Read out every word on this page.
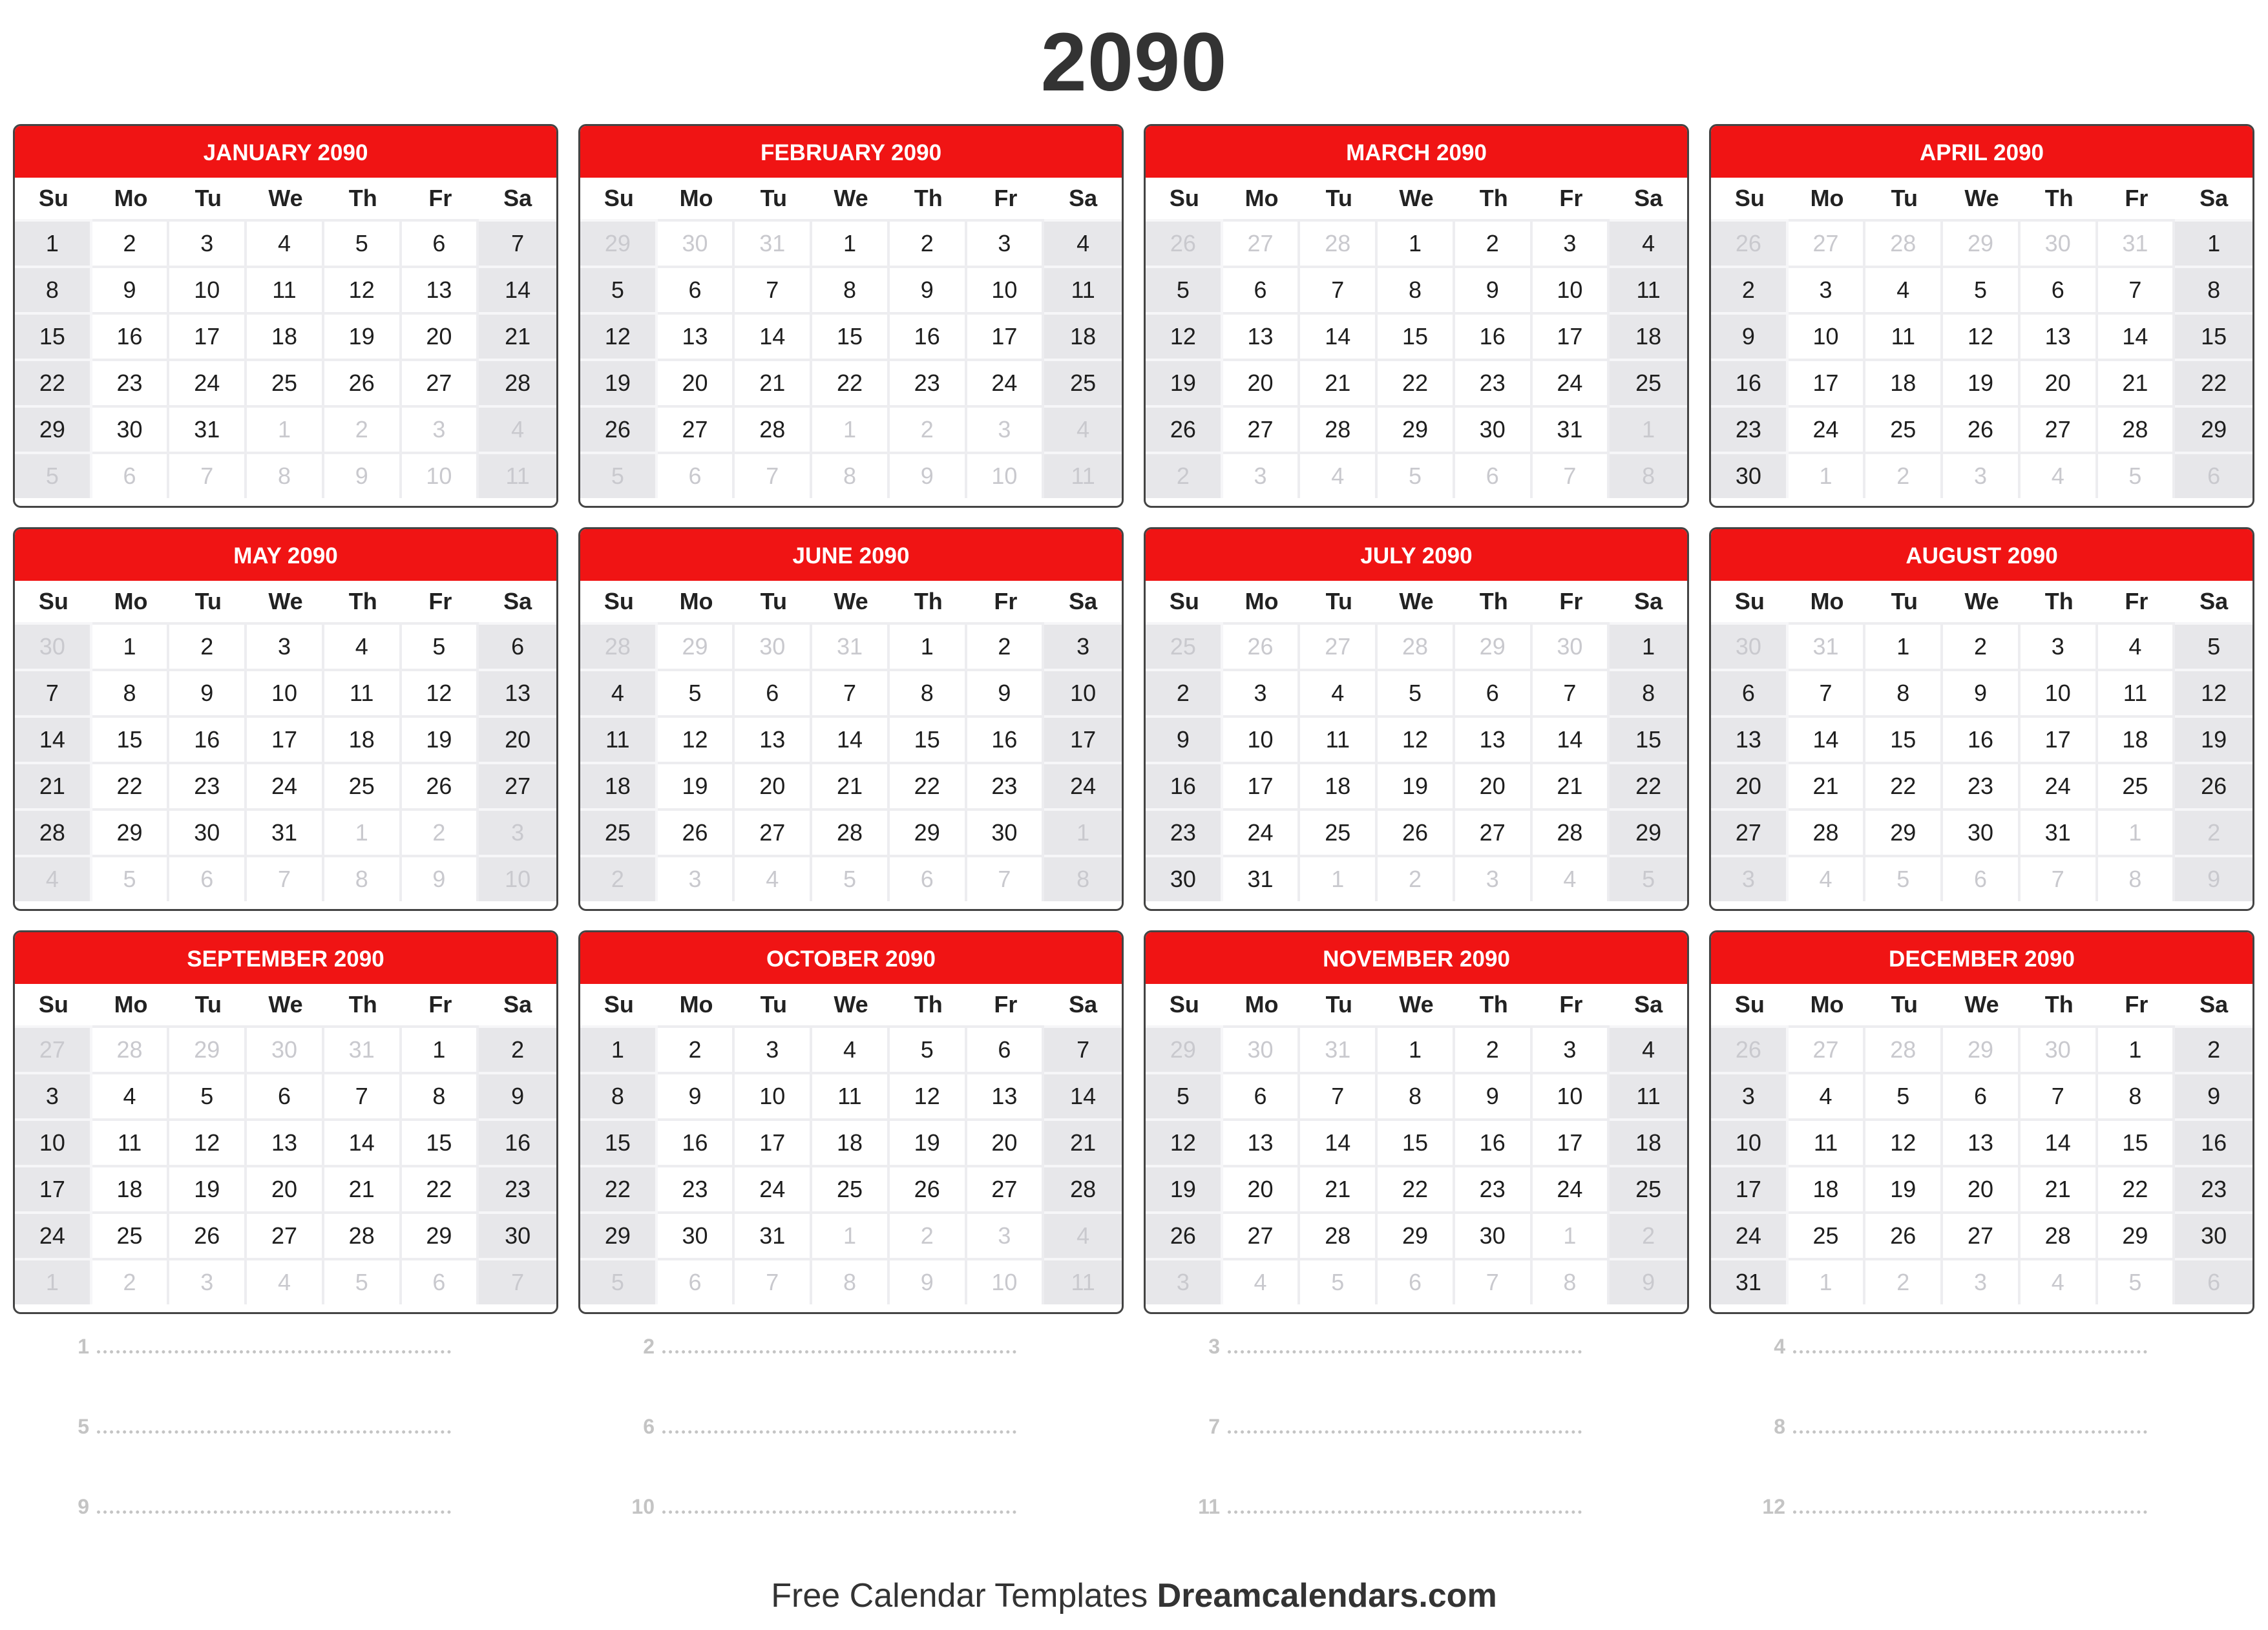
2090
JANUARY 2090
Su	Mo	Tu	We	Th	Fr	Sa
1	2	3	4	5	6	7
8	9	10	11	12	13	14
15	16	17	18	19	20	21
22	23	24	25	26	27	28
29	30	31	1	2	3	4
5	6	7	8	9	10	11
FEBRUARY 2090
Su	Mo	Tu	We	Th	Fr	Sa
29	30	31	1	2	3	4
5	6	7	8	9	10	11
12	13	14	15	16	17	18
19	20	21	22	23	24	25
26	27	28	1	2	3	4
5	6	7	8	9	10	11
MARCH 2090
Su	Mo	Tu	We	Th	Fr	Sa
26	27	28	1	2	3	4
5	6	7	8	9	10	11
12	13	14	15	16	17	18
19	20	21	22	23	24	25
26	27	28	29	30	31	1
2	3	4	5	6	7	8
APRIL 2090
Su	Mo	Tu	We	Th	Fr	Sa
26	27	28	29	30	31	1
2	3	4	5	6	7	8
9	10	11	12	13	14	15
16	17	18	19	20	21	22
23	24	25	26	27	28	29
30	1	2	3	4	5	6
MAY 2090
Su	Mo	Tu	We	Th	Fr	Sa
30	1	2	3	4	5	6
7	8	9	10	11	12	13
14	15	16	17	18	19	20
21	22	23	24	25	26	27
28	29	30	31	1	2	3
4	5	6	7	8	9	10
JUNE 2090
Su	Mo	Tu	We	Th	Fr	Sa
28	29	30	31	1	2	3
4	5	6	7	8	9	10
11	12	13	14	15	16	17
18	19	20	21	22	23	24
25	26	27	28	29	30	1
2	3	4	5	6	7	8
JULY 2090
Su	Mo	Tu	We	Th	Fr	Sa
25	26	27	28	29	30	1
2	3	4	5	6	7	8
9	10	11	12	13	14	15
16	17	18	19	20	21	22
23	24	25	26	27	28	29
30	31	1	2	3	4	5
AUGUST 2090
Su	Mo	Tu	We	Th	Fr	Sa
30	31	1	2	3	4	5
6	7	8	9	10	11	12
13	14	15	16	17	18	19
20	21	22	23	24	25	26
27	28	29	30	31	1	2
3	4	5	6	7	8	9
SEPTEMBER 2090
Su	Mo	Tu	We	Th	Fr	Sa
27	28	29	30	31	1	2
3	4	5	6	7	8	9
10	11	12	13	14	15	16
17	18	19	20	21	22	23
24	25	26	27	28	29	30
1	2	3	4	5	6	7
OCTOBER 2090
Su	Mo	Tu	We	Th	Fr	Sa
1	2	3	4	5	6	7
8	9	10	11	12	13	14
15	16	17	18	19	20	21
22	23	24	25	26	27	28
29	30	31	1	2	3	4
5	6	7	8	9	10	11
NOVEMBER 2090
Su	Mo	Tu	We	Th	Fr	Sa
29	30	31	1	2	3	4
5	6	7	8	9	10	11
12	13	14	15	16	17	18
19	20	21	22	23	24	25
26	27	28	29	30	1	2
3	4	5	6	7	8	9
DECEMBER 2090
Su	Mo	Tu	We	Th	Fr	Sa
26	27	28	29	30	1	2
3	4	5	6	7	8	9
10	11	12	13	14	15	16
17	18	19	20	21	22	23
24	25	26	27	28	29	30
31	1	2	3	4	5	6
1	2	3	4
5	6	7	8
9	10	11	12
Free Calendar Templates Dreamcalendars.com
